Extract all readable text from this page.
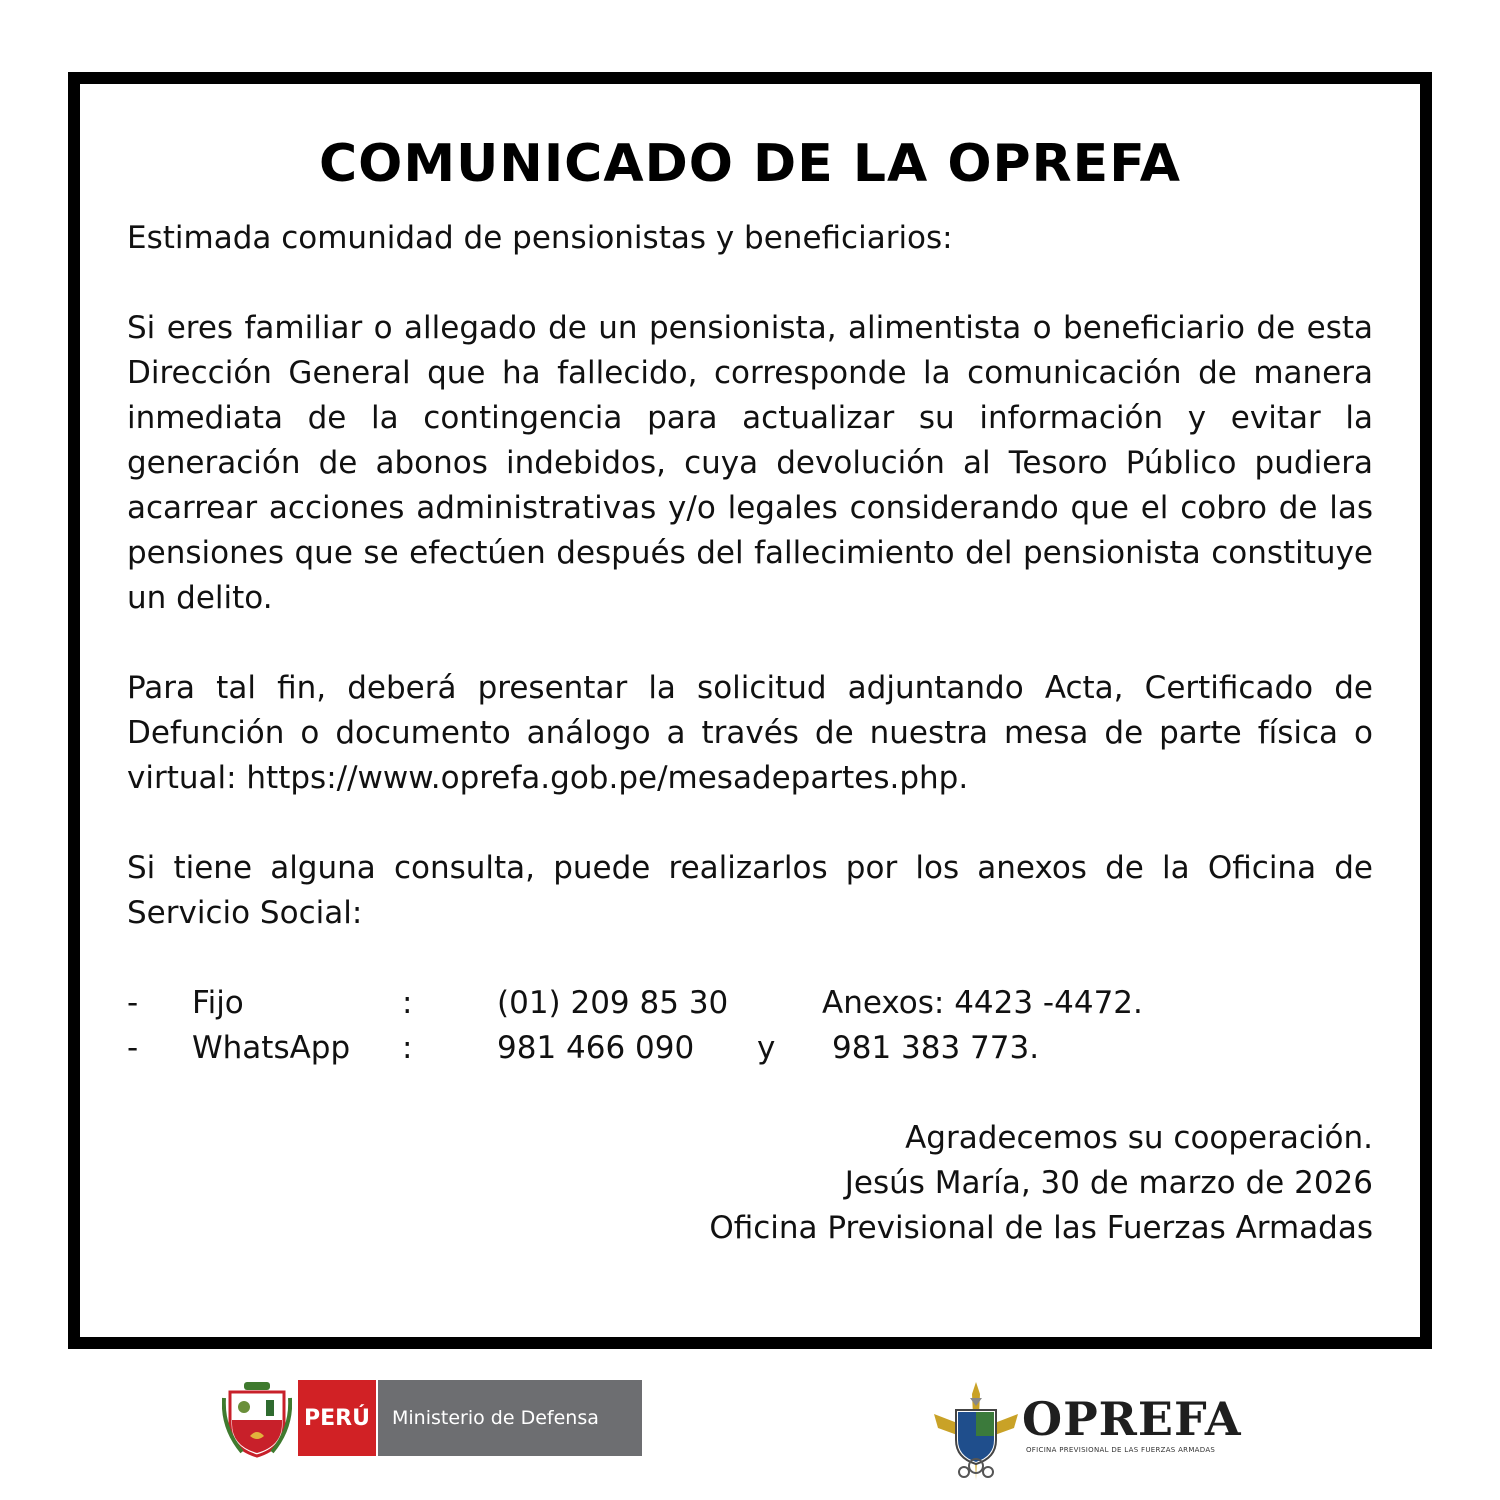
COMUNICADO DE LA OPREFA

Estimada comunidad de pensionistas y beneficiarios:

Si eres familiar o allegado de un pensionista, alimentista o beneficiario de esta Dirección General que ha fallecido, corresponde la comunicación de manera inmediata de la contingencia para actualizar su información y evitar la generación de abonos indebidos, cuya devolución al Tesoro Público pudiera acarrear acciones administrativas y/o legales considerando que el cobro de las pensiones que se efectúen después del fallecimiento del pensionista constituye un delito.

Para tal fin, deberá presentar la solicitud adjuntando Acta, Certificado de Defunción o documento análogo a través de nuestra mesa de parte física o virtual: https://www.oprefa.gob.pe/mesadepartes.php.

Si tiene alguna consulta, puede realizarlos por los anexos de la Oficina de Servicio Social:

-	Fijo	:	(01) 209 85 30	Anexos: 4423 -4472.
-	WhatsApp	:	981 466 090	y	981 383 773.
Agradecemos su cooperación.
Jesús María, 30 de marzo de 2026
Oficina Previsional de las Fuerzas Armadas
PERÚ	Ministerio de Defensa	OPREFA
OFICINA PREVISIONAL DE LAS FUERZAS ARMADAS
